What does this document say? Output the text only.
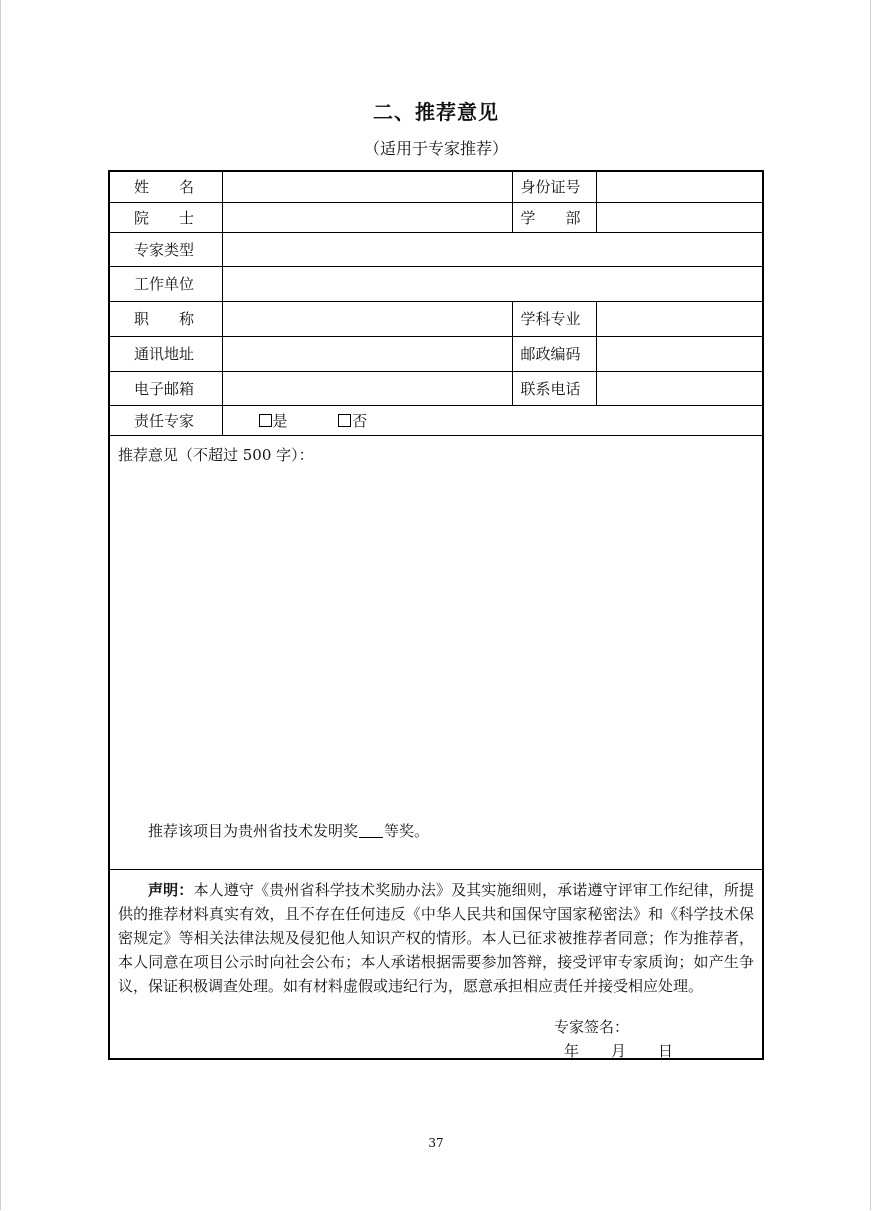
二、推荐意见
（适用于专家推荐）
姓　　名		身份证号	
院　　士		学　　部	
专家类型			
工作单位			
职　　称		学科专业	
通讯地址		邮政编码	
电子邮箱		联系电话	
责任专家	是 否		
推荐意见（不超过 500 字）：
推荐该项目为贵州省技术发明奖 等奖。
声明：本人遵守《贵州省科学技术奖励办法》及其实施细则，承诺遵守评审工作纪律，所提供的推荐材料真实有效，且不存在任何违反《中华人民共和国保守国家秘密法》和《科学技术保密规定》等相关法律法规及侵犯他人知识产权的情形。本人已征求被推荐者同意；作为推荐者，本人同意在项目公示时向社会公布；本人承诺根据需要参加答辩，接受评审专家质询；如产生争议，保证积极调查处理。如有材料虚假或违纪行为，愿意承担相应责任并接受相应处理。
专家签名：
年 月 日
37
